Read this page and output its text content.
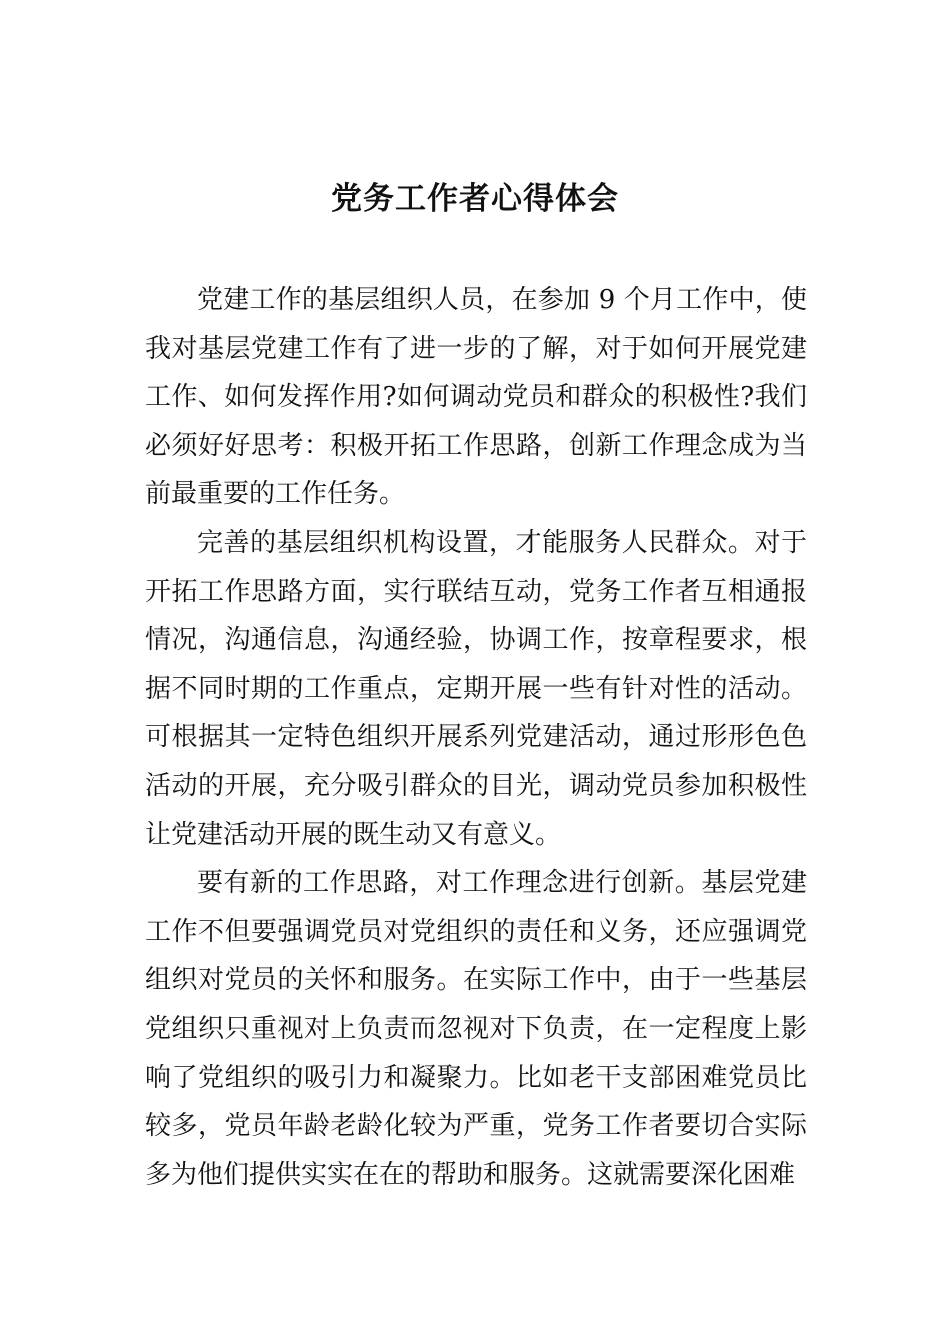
党务工作者心得体会

党建工作的基层组织人员，在参加 9 个月工作中，使我对基层党建工作有了进一步的了解，对于如何开展党建工作、如何发挥作用?如何调动党员和群众的积极性?我们必须好好思考：积极开拓工作思路，创新工作理念成为当前最重要的工作任务。

完善的基层组织机构设置，才能服务人民群众。对于开拓工作思路方面，实行联结互动，党务工作者互相通报情况，沟通信息，沟通经验，协调工作，按章程要求，根据不同时期的工作重点，定期开展一些有针对性的活动。可根据其一定特色组织开展系列党建活动，通过形形色色活动的开展，充分吸引群众的目光，调动党员参加积极性让党建活动开展的既生动又有意义。

要有新的工作思路，对工作理念进行创新。基层党建工作不但要强调党员对党组织的责任和义务，还应强调党组织对党员的关怀和服务。在实际工作中，由于一些基层党组织只重视对上负责而忽视对下负责，在一定程度上影响了党组织的吸引力和凝聚力。比如老干支部困难党员比较多，党员年龄老龄化较为严重，党务工作者要切合实际多为他们提供实实在在的帮助和服务。这就需要深化困难
